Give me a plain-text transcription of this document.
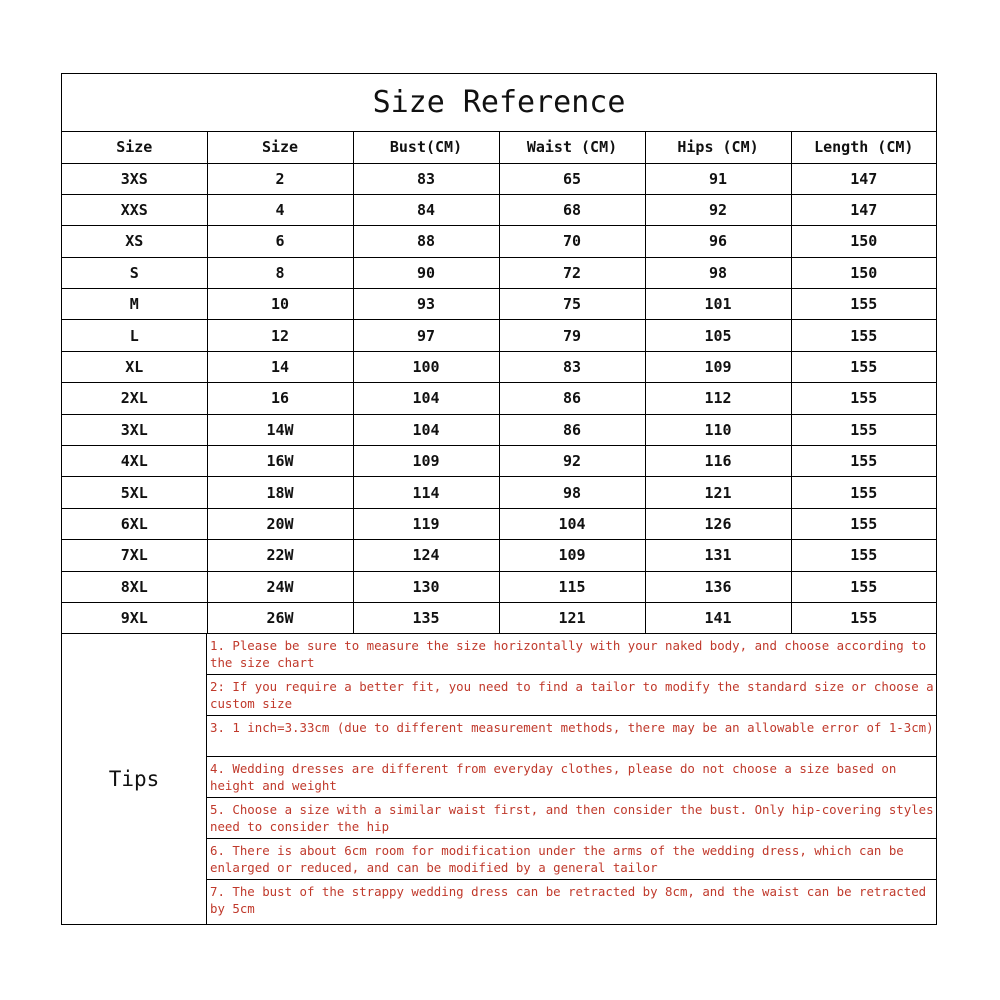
Size Reference
Size	Size	Bust(CM)	Waist (CM)	Hips (CM)	Length (CM)
3XS	2	83	65	91	147
XXS	4	84	68	92	147
XS	6	88	70	96	150
S	8	90	72	98	150
M	10	93	75	101	155
L	12	97	79	105	155
XL	14	100	83	109	155
2XL	16	104	86	112	155
3XL	14W	104	86	110	155
4XL	16W	109	92	116	155
5XL	18W	114	98	121	155
6XL	20W	119	104	126	155
7XL	22W	124	109	131	155
8XL	24W	130	115	136	155
9XL	26W	135	121	141	155
Tips
1. Please be sure to measure the size horizontally with your naked body, and choose according to the size chart
2: If you require a better fit, you need to find a tailor to modify the standard size or choose a custom size
3. 1 inch=3.33cm (due to different measurement methods, there may be an allowable error of 1-3cm)
4. Wedding dresses are different from everyday clothes, please do not choose a size based on height and weight
5. Choose a size with a similar waist first, and then consider the bust. Only hip-covering styles need to consider the hip
6. There is about 6cm room for modification under the arms of the wedding dress, which can be enlarged or reduced, and can be modified by a general tailor
7. The bust of the strappy wedding dress can be retracted by 8cm, and the waist can be retracted by 5cm
